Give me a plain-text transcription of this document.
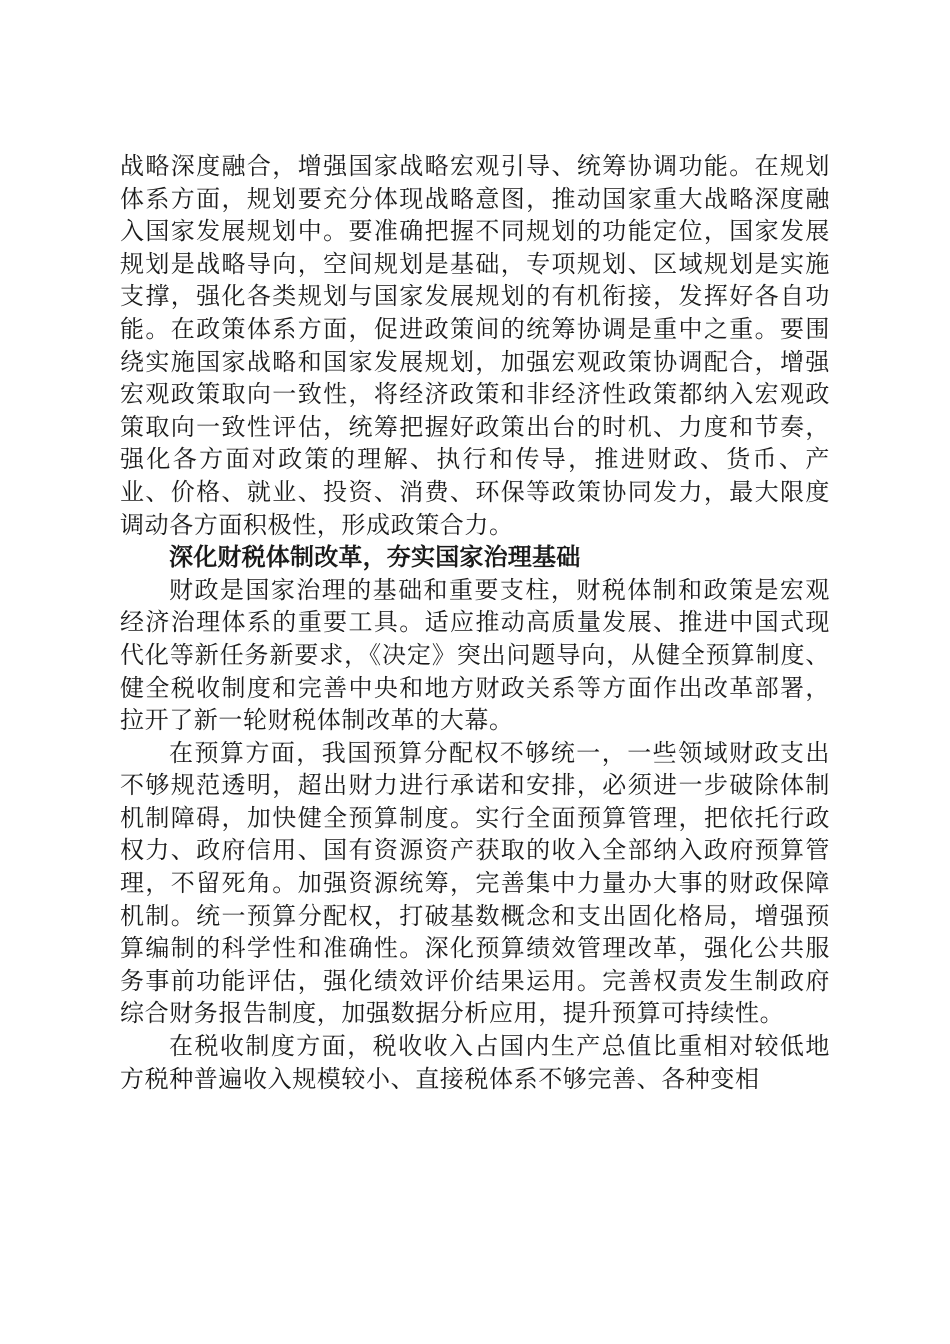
战略深度融合，增强国家战略宏观引导、统筹协调功能。在规划体系方面，规划要充分体现战略意图，推动国家重大战略深度融入国家发展规划中。要准确把握不同规划的功能定位，国家发展规划是战略导向，空间规划是基础，专项规划、区域规划是实施支撑，强化各类规划与国家发展规划的有机衔接，发挥好各自功能。在政策体系方面，促进政策间的统筹协调是重中之重。要围绕实施国家战略和国家发展规划，加强宏观政策协调配合，增强宏观政策取向一致性，将经济政策和非经济性政策都纳入宏观政策取向一致性评估，统筹把握好政策出台的时机、力度和节奏，强化各方面对政策的理解、执行和传导，推进财政、货币、产业、价格、就业、投资、消费、环保等政策协同发力，最大限度调动各方面积极性，形成政策合力。

深化财税体制改革，夯实国家治理基础

财政是国家治理的基础和重要支柱，财税体制和政策是宏观经济治理体系的重要工具。适应推动高质量发展、推进中国式现代化等新任务新要求，《决定》突出问题导向，从健全预算制度、健全税收制度和完善中央和地方财政关系等方面作出改革部署，拉开了新一轮财税体制改革的大幕。

在预算方面，我国预算分配权不够统一，一些领域财政支出不够规范透明，超出财力进行承诺和安排，必须进一步破除体制机制障碍，加快健全预算制度。实行全面预算管理，把依托行政权力、政府信用、国有资源资产获取的收入全部纳入政府预算管理，不留死角。加强资源统筹，完善集中力量办大事的财政保障机制。统一预算分配权，打破基数概念和支出固化格局，增强预算编制的科学性和准确性。深化预算绩效管理改革，强化公共服务事前功能评估，强化绩效评价结果运用。完善权责发生制政府综合财务报告制度，加强数据分析应用，提升预算可持续性。

在税收制度方面，税收收入占国内生产总值比重相对较低地方税种普遍收入规模较小、直接税体系不够完善、各种变相
